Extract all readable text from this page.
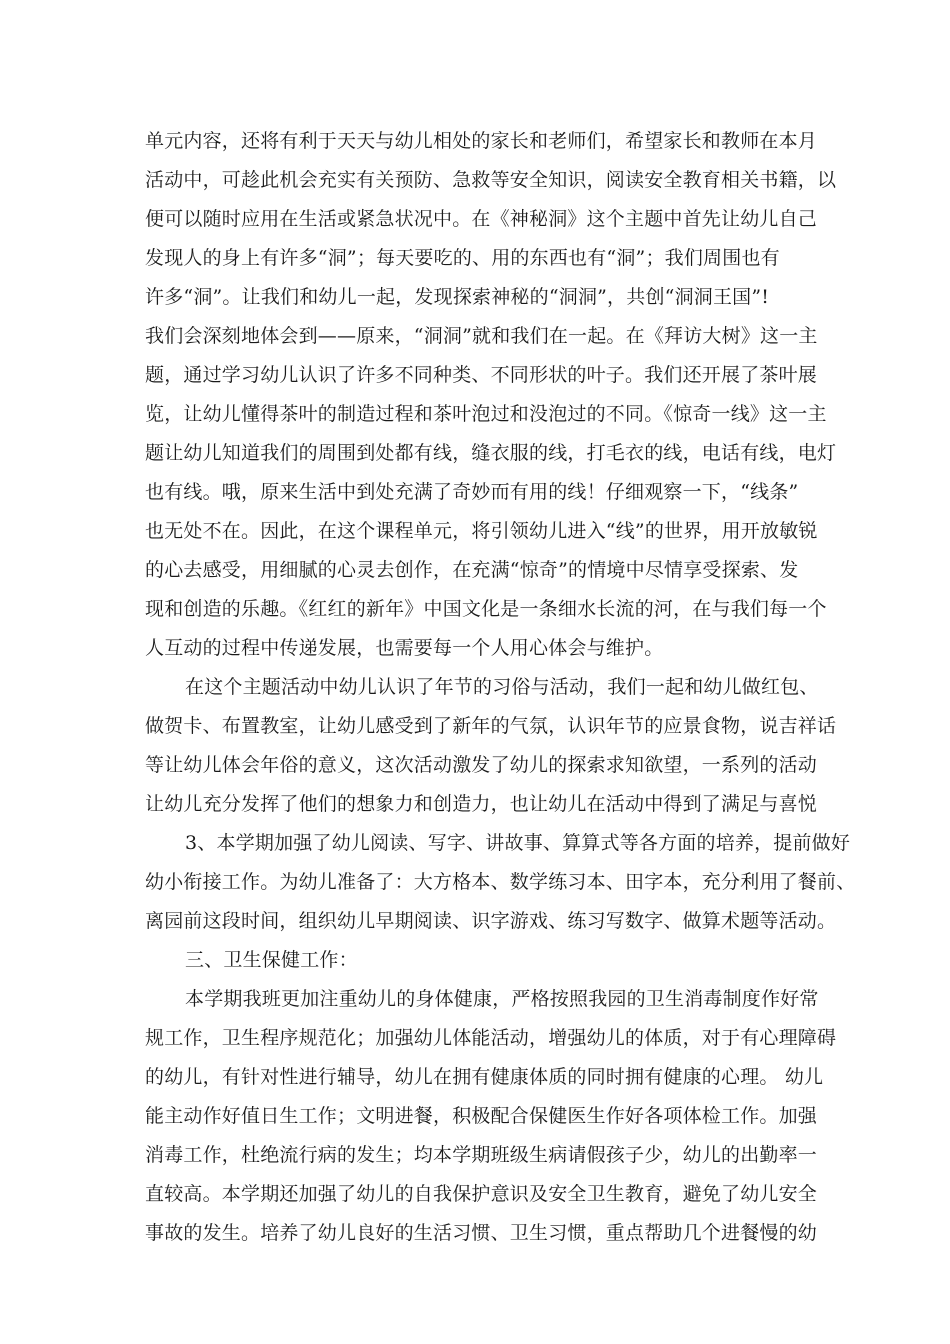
单元内容，还将有利于天天与幼儿相处的家长和老师们，希望家长和教师在本月
活动中，可趁此机会充实有关预防、急救等安全知识，阅读安全教育相关书籍，以
便可以随时应用在生活或紧急状况中。在《神秘洞》这个主题中首先让幼儿自己
发现人的身上有许多“洞”；每天要吃的、用的东西也有“洞”；我们周围也有
许多“洞”。让我们和幼儿一起，发现探索神秘的“洞洞”，共创“洞洞王国”!
我们会深刻地体会到——原来，“洞洞”就和我们在一起。在《拜访大树》这一主
题，通过学习幼儿认识了许多不同种类、不同形状的叶子。我们还开展了茶叶展
览，让幼儿懂得茶叶的制造过程和茶叶泡过和没泡过的不同。《惊奇一线》这一主
题让幼儿知道我们的周围到处都有线，缝衣服的线，打毛衣的线，电话有线，电灯
也有线。哦，原来生活中到处充满了奇妙而有用的线！仔细观察一下，“线条”
也无处不在。因此，在这个课程单元，将引领幼儿进入“线”的世界，用开放敏锐
的心去感受，用细腻的心灵去创作，在充满“惊奇”的情境中尽情享受探索、发
现和创造的乐趣。《红红的新年》中国文化是一条细水长流的河，在与我们每一个
人互动的过程中传递发展，也需要每一个人用心体会与维护。
在这个主题活动中幼儿认识了年节的习俗与活动，我们一起和幼儿做红包、
做贺卡、布置教室，让幼儿感受到了新年的气氛，认识年节的应景食物，说吉祥话
等让幼儿体会年俗的意义，这次活动激发了幼儿的探索求知欲望，一系列的活动
让幼儿充分发挥了他们的想象力和创造力，也让幼儿在活动中得到了满足与喜悦
3、本学期加强了幼儿阅读、写字、讲故事、算算式等各方面的培养，提前做好
幼小衔接工作。为幼儿准备了：大方格本、数学练习本、田字本，充分利用了餐前、
离园前这段时间，组织幼儿早期阅读、识字游戏、练习写数字、做算术题等活动。
三、卫生保健工作：
本学期我班更加注重幼儿的身体健康，严格按照我园的卫生消毒制度作好常
规工作，卫生程序规范化；加强幼儿体能活动，增强幼儿的体质，对于有心理障碍
的幼儿，有针对性进行辅导，幼儿在拥有健康体质的同时拥有健康的心理。 幼儿
能主动作好值日生工作；文明进餐，积极配合保健医生作好各项体检工作。加强
消毒工作，杜绝流行病的发生；均本学期班级生病请假孩子少，幼儿的出勤率一
直较高。本学期还加强了幼儿的自我保护意识及安全卫生教育，避免了幼儿安全
事故的发生。培养了幼儿良好的生活习惯、卫生习惯，重点帮助几个进餐慢的幼
